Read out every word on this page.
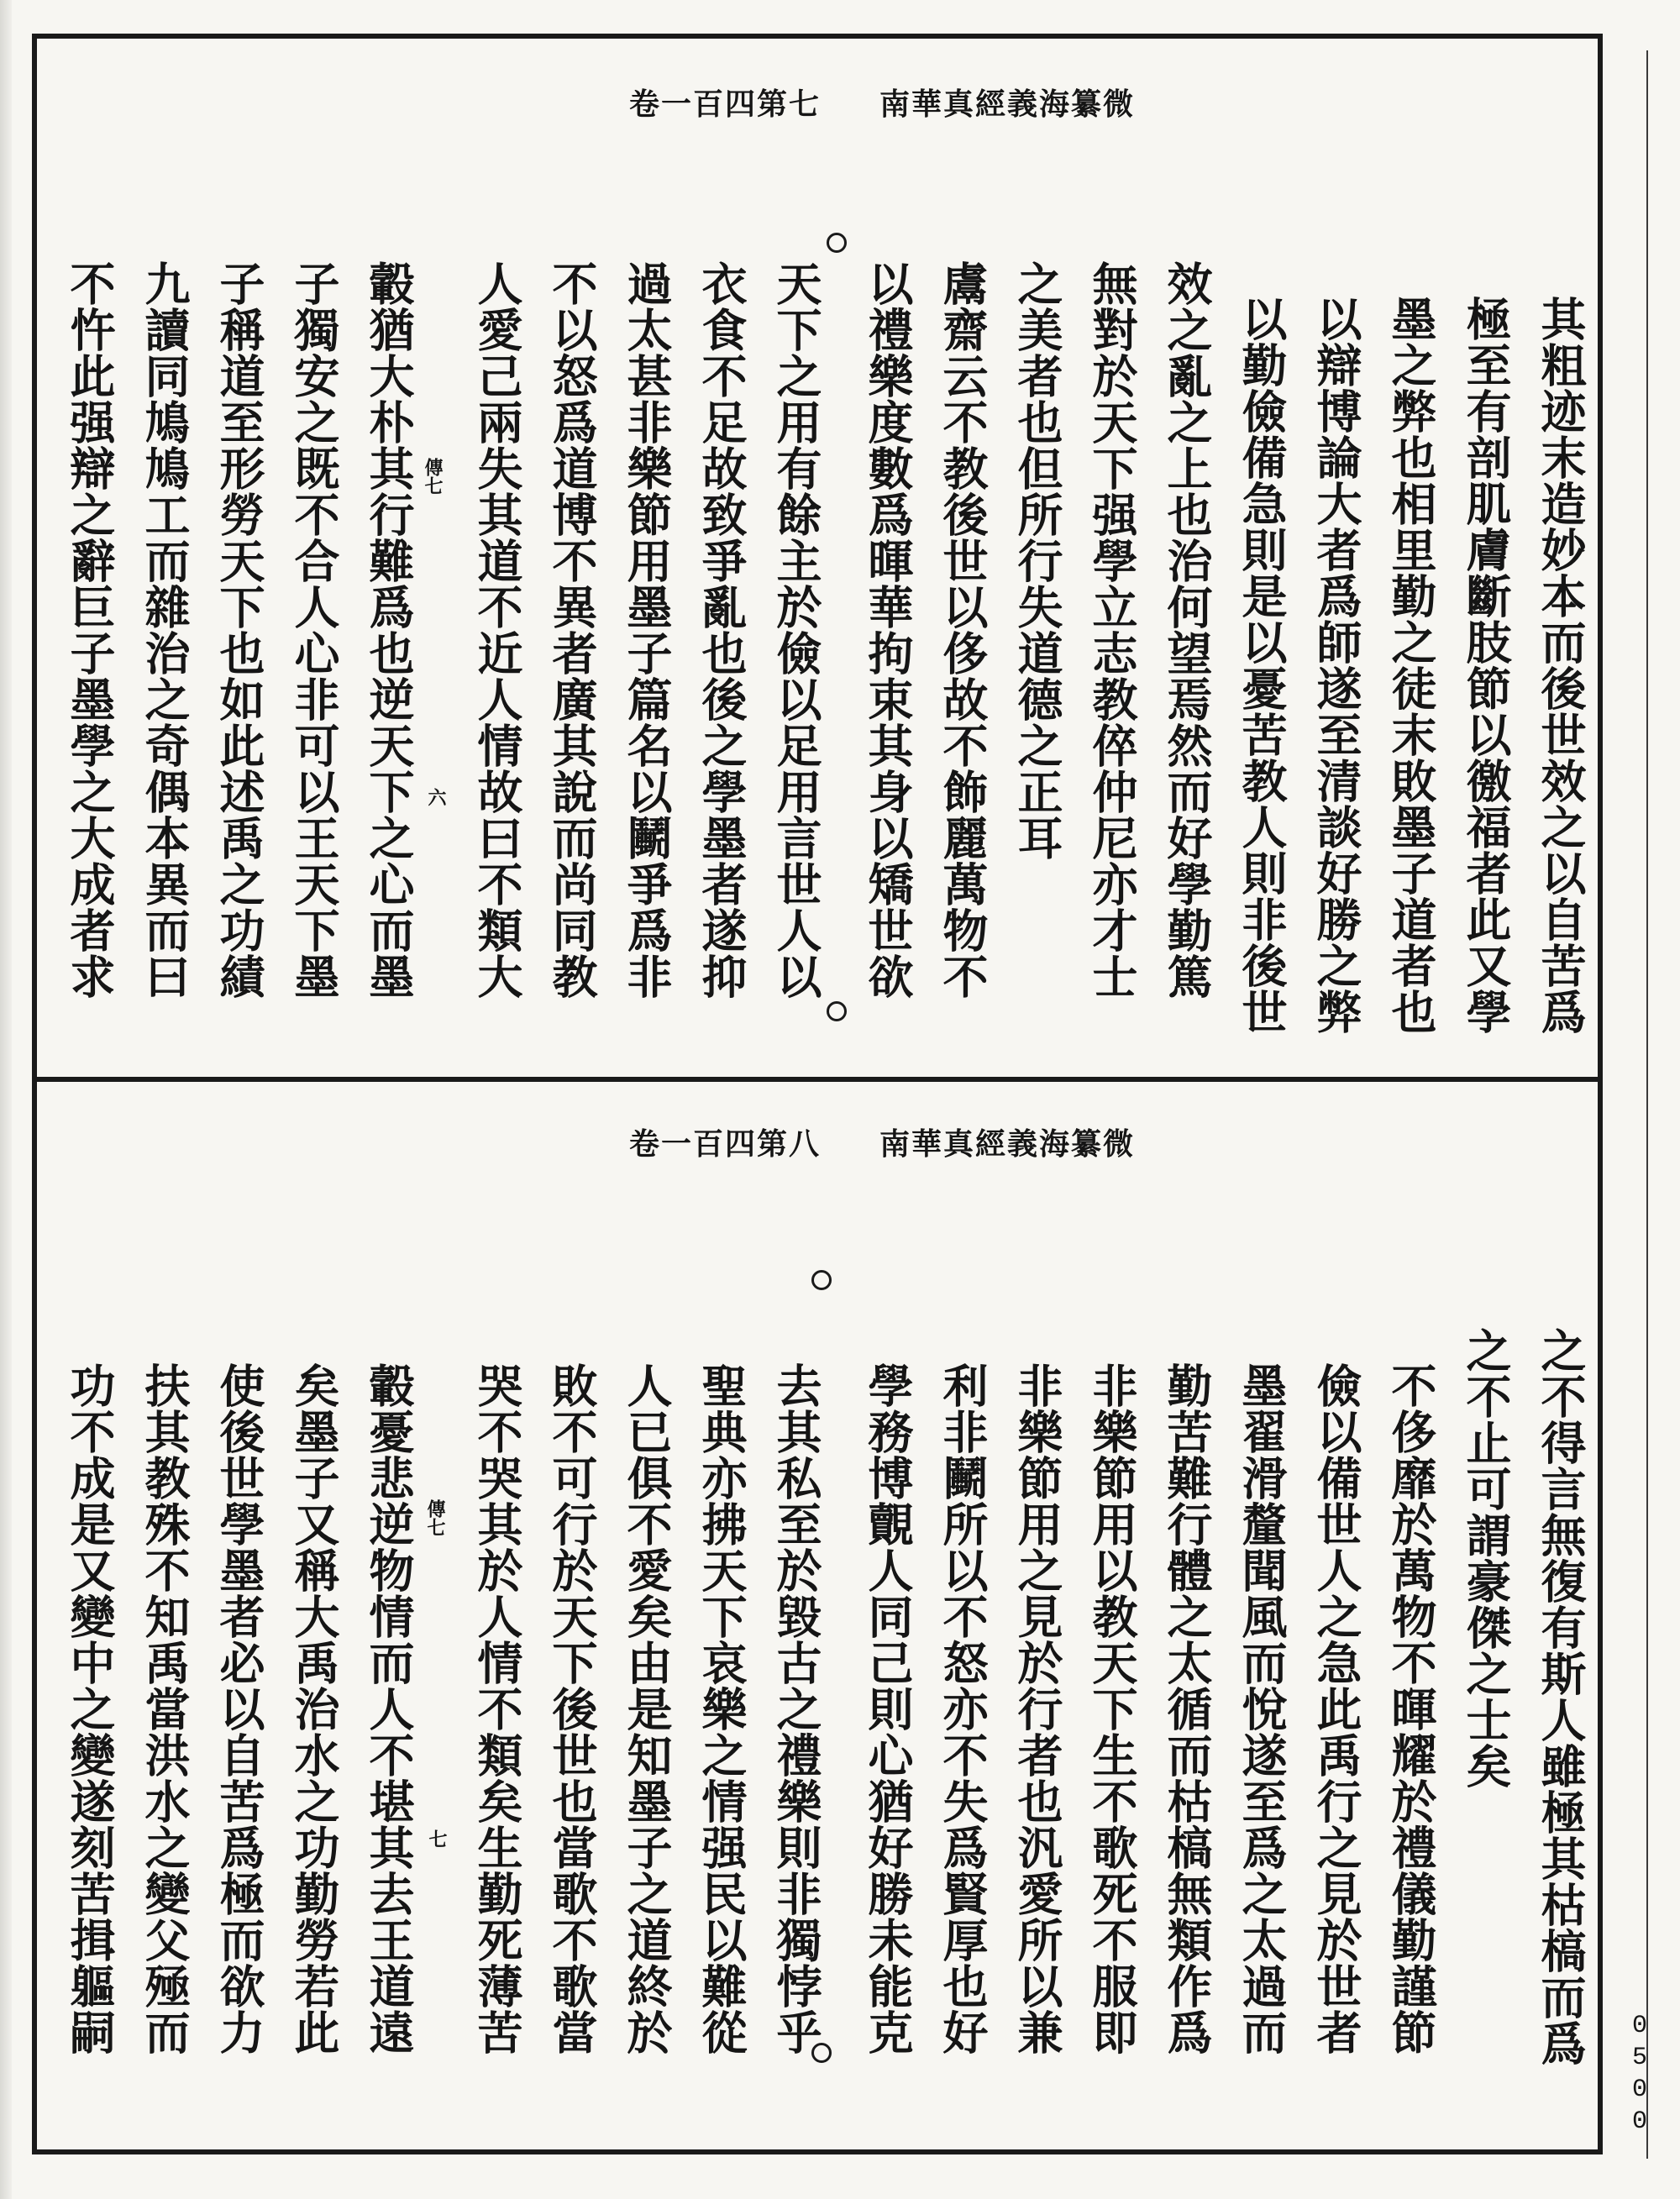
卷一百四第七 南華真經義海纂微
傳七
六	其粗迹末造妙本而後世效之以自苦爲
極至有剖肌膚斷肢節以徼福者此又學
墨之弊也相里勤之徒末敗墨子道者也
以辯博論大者爲師遂至清談好勝之弊
以勤儉備急則是以憂苦教人則非後世
效之亂之上也治何望焉然而好學勤篤
無對於天下强學立志教倅仲尼亦才士
之美者也但所行失道德之正耳
鬳齋云不教後世以侈故不飾麗萬物不
以禮樂度數爲暉華拘束其身以矯世欲
天下之用有餘主於儉以足用言世人以
衣食不足故致爭亂也後之學墨者遂抑
過太甚非樂節用墨子篇名以鬭爭爲非
不以怒爲道博不異者廣其說而尚同教
人愛己兩失其道不近人情故曰不類大
轂猶大朴其行難爲也逆天下之心而墨
子獨安之既不合人心非可以王天下墨
子稱道至形勞天下也如此述禹之功績
九讀同鳩鳩工而雜治之奇偶本異而曰
不忤此强辯之辭巨子墨學之大成者求
卷一百四第八 南華真經義海纂微
傳七
七	之不得言無復有斯人雖極其枯槁而爲
之不止可謂豪傑之士矣
不侈靡於萬物不暉耀於禮儀勤謹節
儉以備世人之急此禹行之見於世者
墨翟滑釐聞風而悅遂至爲之太過而
勤苦難行體之太循而枯槁無類作爲
非樂節用以教天下生不歌死不服即
非樂節用之見於行者也汎愛所以兼
利非鬭所以不怒亦不失爲賢厚也好
學務博覿人同己則心猶好勝未能克
去其私至於毀古之禮樂則非獨悖乎
聖典亦拂天下哀樂之情强民以難從
人已俱不愛矣由是知墨子之道終於
敗不可行於天下後世也當歌不歌當
哭不哭其於人情不類矣生勤死薄苦
轂憂悲逆物情而人不堪其去王道遠
矣墨子又稱大禹治水之功勤勞若此
使後世學墨者必以自苦爲極而欲力
扶其教殊不知禹當洪水之變父殛而
功不成是又變中之變遂刻苦揖軀嗣
0500
